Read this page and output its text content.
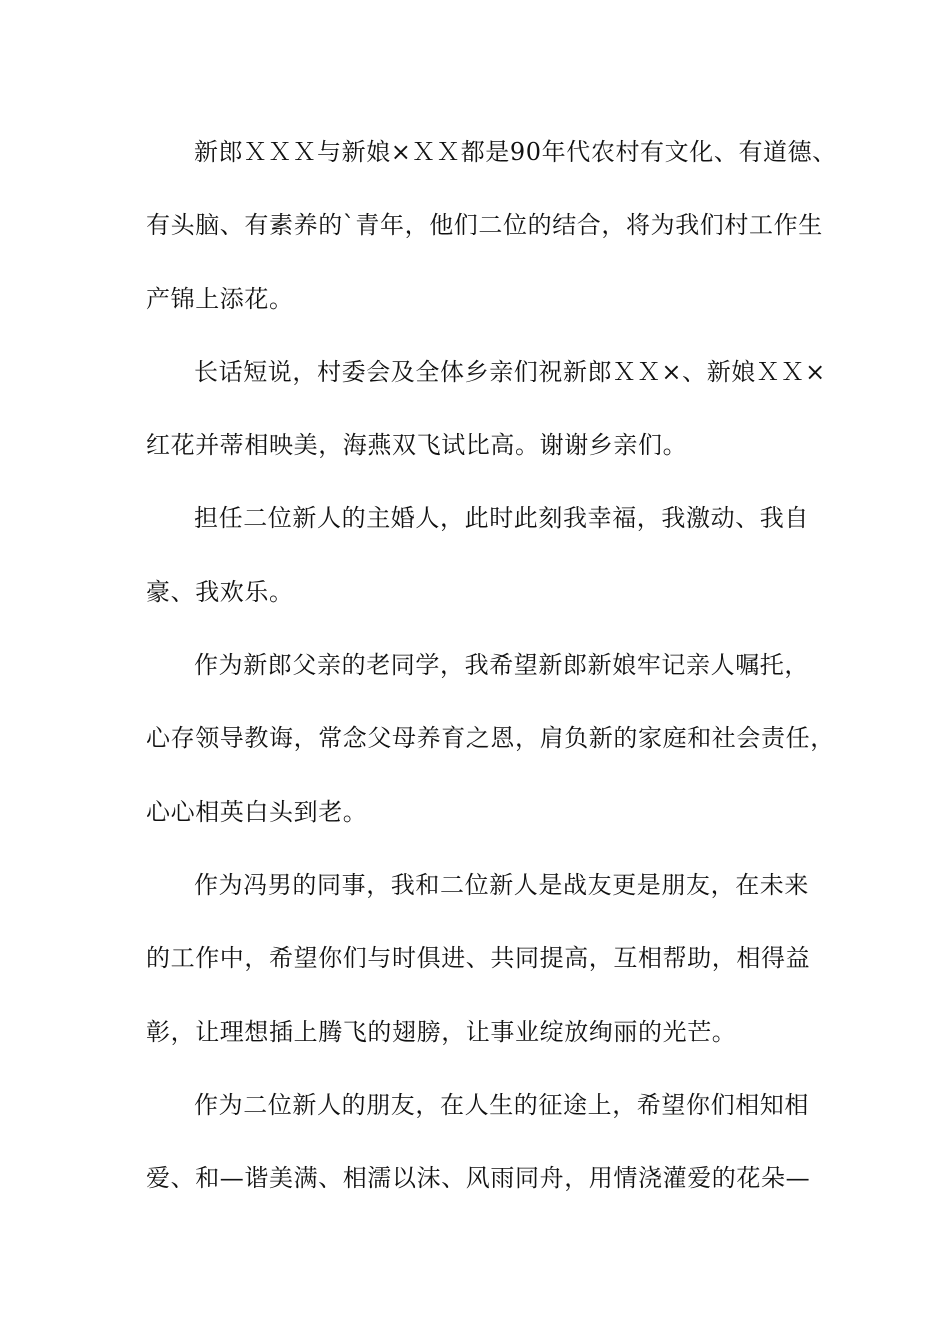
新郎ＸＸＸ与新娘×ＸＸ都是90年代农村有文化、有道德、
有头脑、有素养的`青年，他们二位的结合，将为我们村工作生
产锦上添花。
长话短说，村委会及全体乡亲们祝新郎ＸＸ×、新娘ＸＸ×
红花并蒂相映美，海燕双飞试比高。谢谢乡亲们。
担任二位新人的主婚人，此时此刻我幸福，我激动、我自
豪、我欢乐。
作为新郎父亲的老同学，我希望新郎新娘牢记亲人嘱托，
心存领导教诲，常念父母养育之恩，肩负新的家庭和社会责任，
心心相英白头到老。
作为冯男的同事，我和二位新人是战友更是朋友，在未来
的工作中，希望你们与时俱进、共同提高，互相帮助，相得益
彰，让理想插上腾飞的翅膀，让事业绽放绚丽的光芒。
作为二位新人的朋友，在人生的征途上，希望你们相知相
爱、和—谐美满、相濡以沫、风雨同舟，用情浇灌爱的花朵—
